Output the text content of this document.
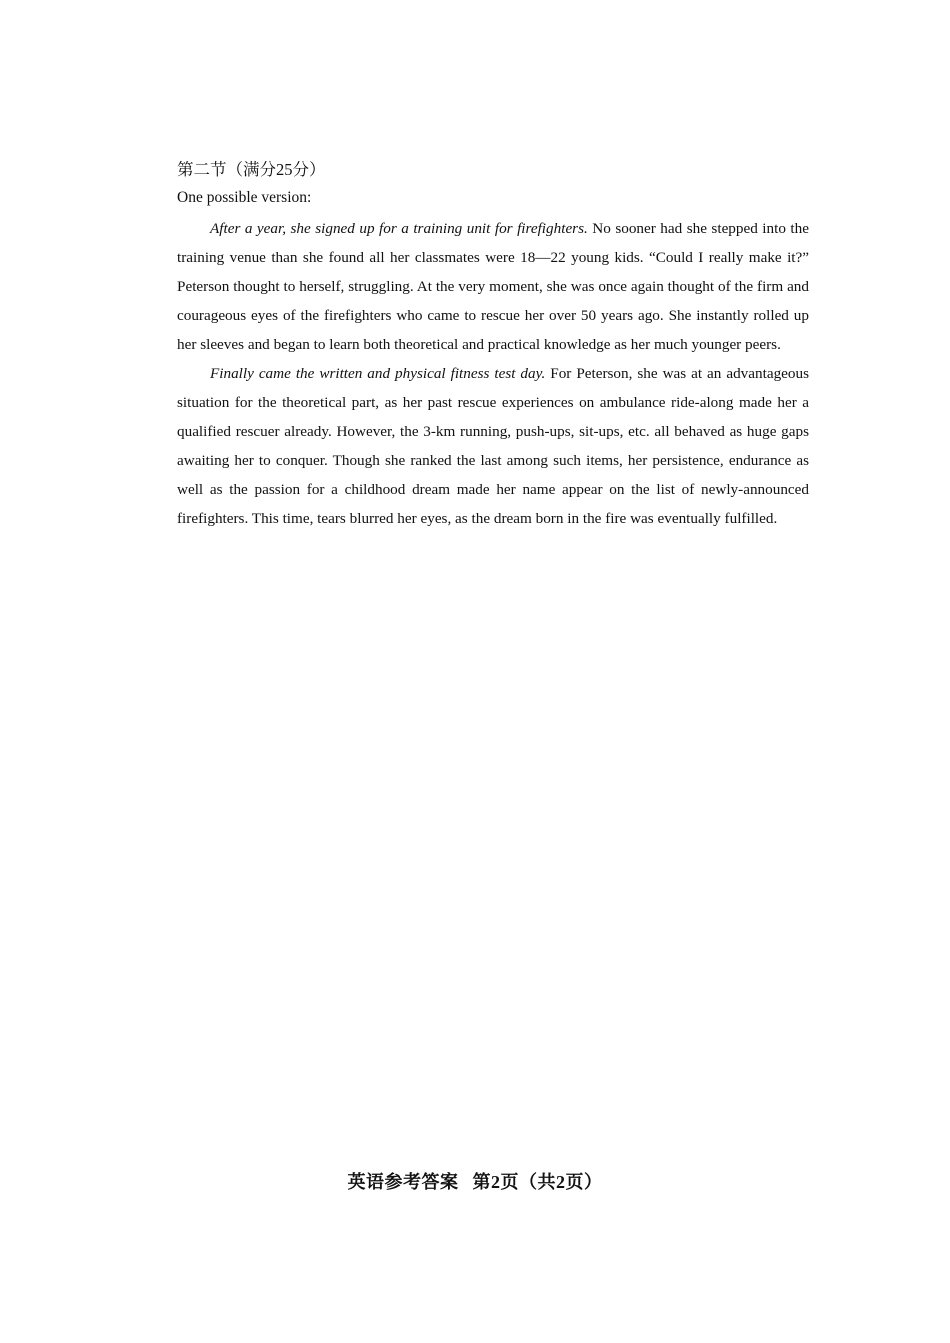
第二节（满分25分）

One possible version:

After a year, she signed up for a training unit for firefighters. No sooner had she stepped into the training venue than she found all her classmates were 18—22 young kids. “Could I really make it?” Peterson thought to herself, struggling. At the very moment, she was once again thought of the firm and courageous eyes of the firefighters who came to rescue her over 50 years ago. She instantly rolled up her sleeves and began to learn both theoretical and practical knowledge as her much younger peers.

Finally came the written and physical fitness test day. For Peterson, she was at an advantageous situation for the theoretical part, as her past rescue experiences on ambulance ride-along made her a qualified rescuer already. However, the 3-km running, push-ups, sit-ups, etc. all behaved as huge gaps awaiting her to conquer. Though she ranked the last among such items, her persistence, endurance as well as the passion for a childhood dream made her name appear on the list of newly-announced firefighters. This time, tears blurred her eyes, as the dream born in the fire was eventually fulfilled.

英语参考答案 第2页（共2页）
